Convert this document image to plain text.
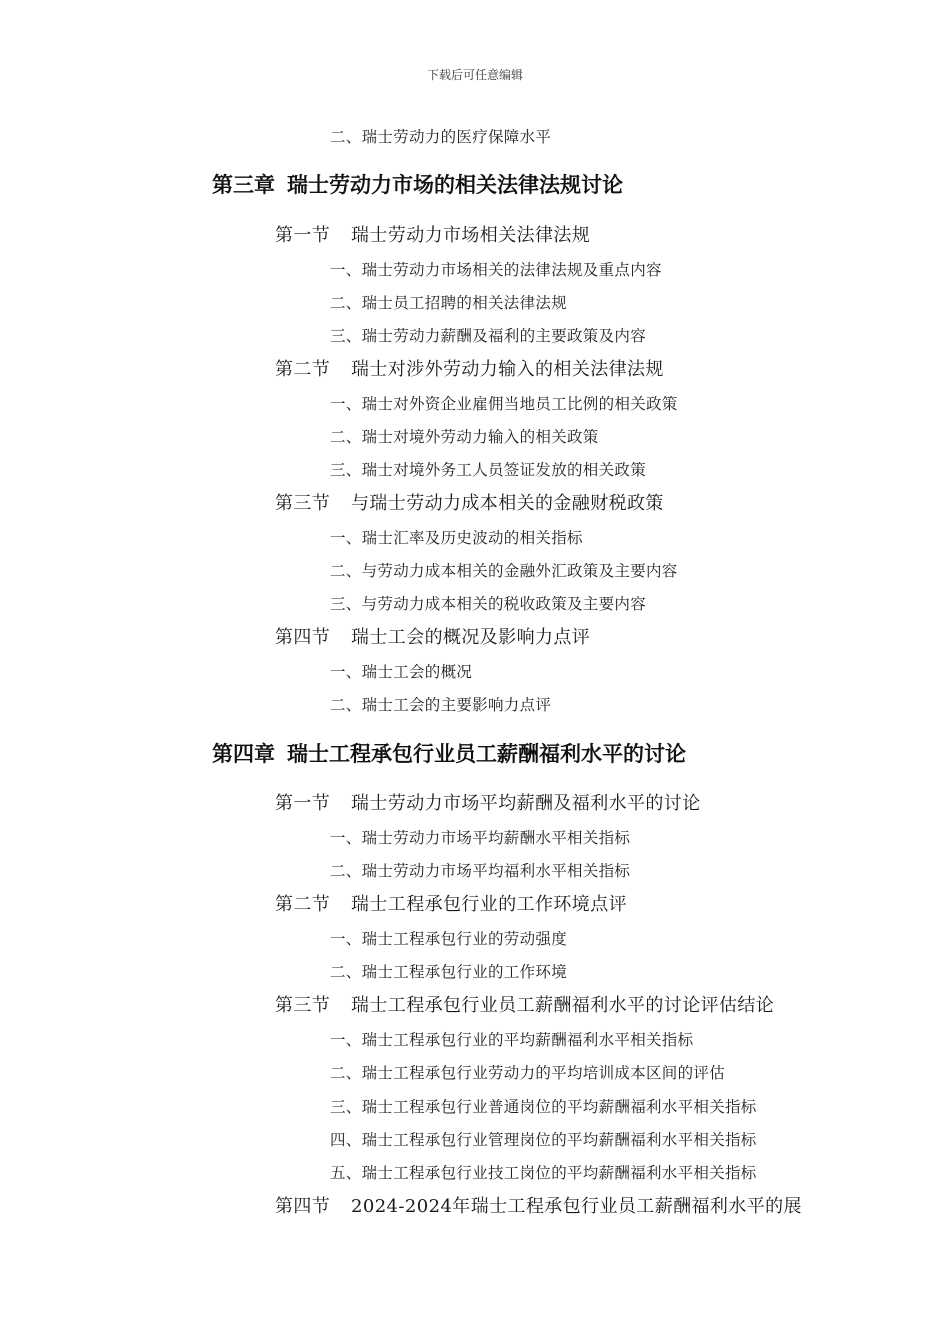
下载后可任意编辑
二、瑞士劳动力的医疗保障水平
第三章 瑞士劳动力市场的相关法律法规讨论
第一节 瑞士劳动力市场相关法律法规
一、瑞士劳动力市场相关的法律法规及重点内容
二、瑞士员工招聘的相关法律法规
三、瑞士劳动力薪酬及福利的主要政策及内容
第二节 瑞士对涉外劳动力输入的相关法律法规
一、瑞士对外资企业雇佣当地员工比例的相关政策
二、瑞士对境外劳动力输入的相关政策
三、瑞士对境外务工人员签证发放的相关政策
第三节 与瑞士劳动力成本相关的金融财税政策
一、瑞士汇率及历史波动的相关指标
二、与劳动力成本相关的金融外汇政策及主要内容
三、与劳动力成本相关的税收政策及主要内容
第四节 瑞士工会的概况及影响力点评
一、瑞士工会的概况
二、瑞士工会的主要影响力点评
第四章 瑞士工程承包行业员工薪酬福利水平的讨论
第一节 瑞士劳动力市场平均薪酬及福利水平的讨论
一、瑞士劳动力市场平均薪酬水平相关指标
二、瑞士劳动力市场平均福利水平相关指标
第二节 瑞士工程承包行业的工作环境点评
一、瑞士工程承包行业的劳动强度
二、瑞士工程承包行业的工作环境
第三节 瑞士工程承包行业员工薪酬福利水平的讨论评估结论
一、瑞士工程承包行业的平均薪酬福利水平相关指标
二、瑞士工程承包行业劳动力的平均培训成本区间的评估
三、瑞士工程承包行业普通岗位的平均薪酬福利水平相关指标
四、瑞士工程承包行业管理岗位的平均薪酬福利水平相关指标
五、瑞士工程承包行业技工岗位的平均薪酬福利水平相关指标
第四节 2024-2024年瑞士工程承包行业员工薪酬福利水平的展
